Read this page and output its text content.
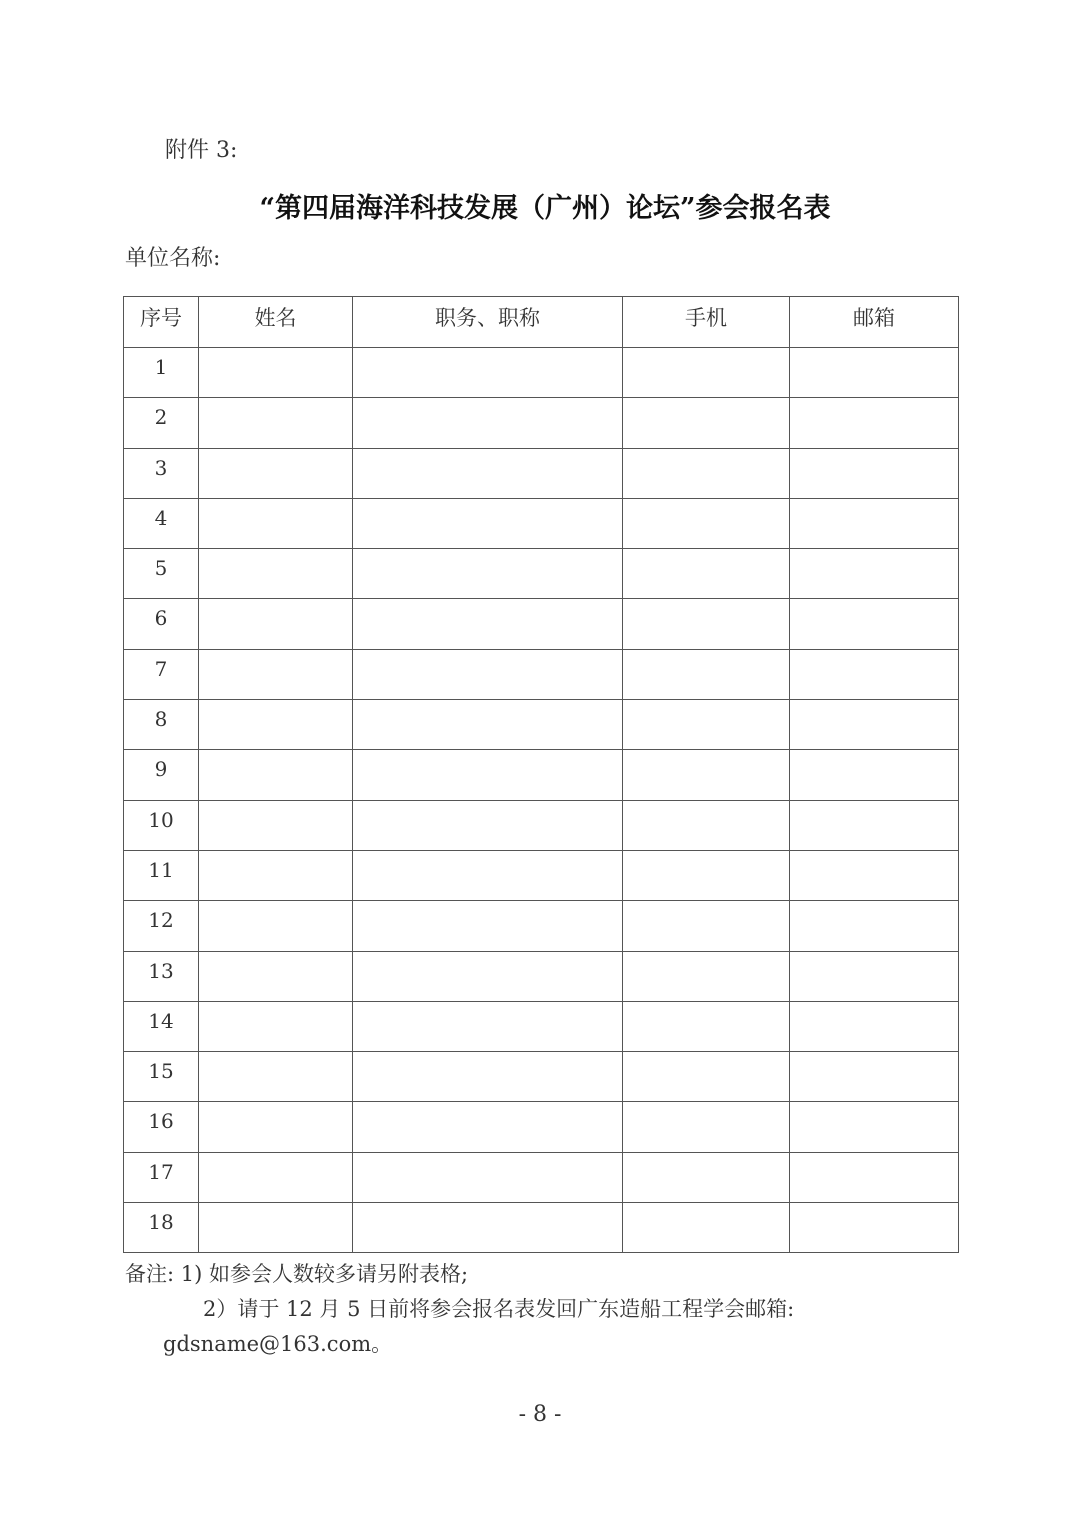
附件 3:
“第四届海洋科技发展（广州）论坛”参会报名表
单位名称:
序号	姓名	职务、职称	手机	邮箱
1				
2				
3				
4				
5				
6				
7				
8				
9				
10				
11				
12				
13				
14				
15				
16				
17				
18				
备注: 1) 如参会人数较多请另附表格;
2）请于 12 月 5 日前将参会报名表发回广东造船工程学会邮箱:
gdsname@163.com。
- 8 -
